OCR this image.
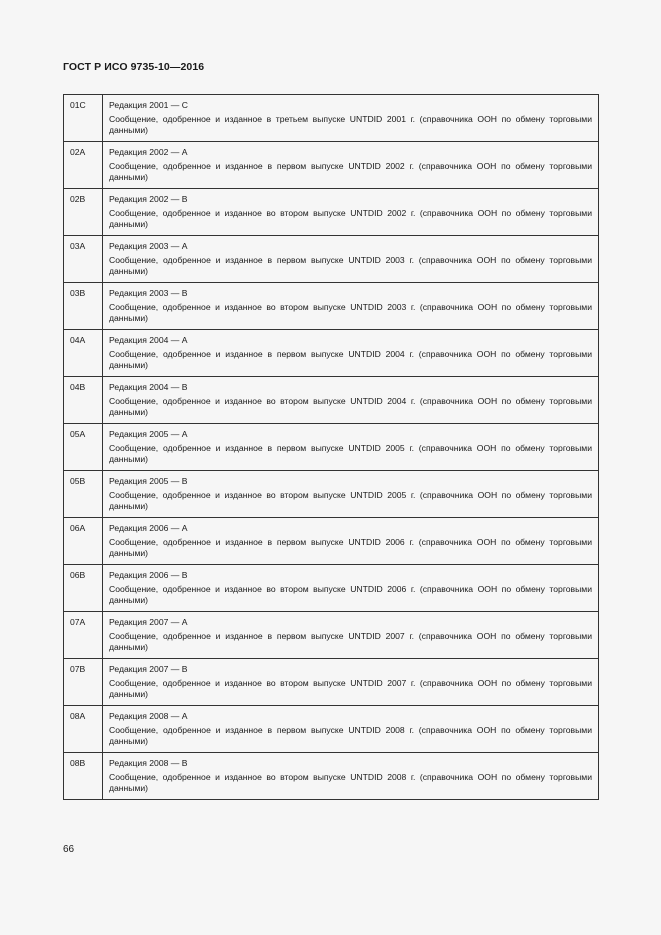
ГОСТ Р ИСО 9735-10—2016
01C	Редакция 2001 — С
Сообщение, одобренное и изданное в третьем выпуске UNTDID 2001 г. (справочника ООН по обмену торговыми данными)

02A	Редакция 2002 — А
Сообщение, одобренное и изданное в первом выпуске UNTDID 2002 г. (справочника ООН по обмену торговыми данными)

02B	Редакция 2002 — В
Сообщение, одобренное и изданное во втором выпуске UNTDID 2002 г. (справочника ООН по обмену торговыми данными)

03A	Редакция 2003 — А
Сообщение, одобренное и изданное в первом выпуске UNTDID 2003 г. (справочника ООН по обмену торговыми данными)

03B	Редакция 2003 — В
Сообщение, одобренное и изданное во втором выпуске UNTDID 2003 г. (справочника ООН по обмену торговыми данными)

04A	Редакция 2004 — А
Сообщение, одобренное и изданное в первом выпуске UNTDID 2004 г. (справочника ООН по обмену торговыми данными)

04B	Редакция 2004 — В
Сообщение, одобренное и изданное во втором выпуске UNTDID 2004 г. (справочника ООН по обмену торговыми данными)

05A	Редакция 2005 — А
Сообщение, одобренное и изданное в первом выпуске UNTDID 2005 г. (справочника ООН по обмену торговыми данными)

05B	Редакция 2005 — В
Сообщение, одобренное и изданное во втором выпуске UNTDID 2005 г. (справочника ООН по обмену торговыми данными)

06A	Редакция 2006 — А
Сообщение, одобренное и изданное в первом выпуске UNTDID 2006 г. (справочника ООН по обмену торговыми данными)

06B	Редакция 2006 — В
Сообщение, одобренное и изданное во втором выпуске UNTDID 2006 г. (справочника ООН по обмену торговыми данными)

07A	Редакция 2007 — А
Сообщение, одобренное и изданное в первом выпуске UNTDID 2007 г. (справочника ООН по обмену торговыми данными)

07B	Редакция 2007 — В
Сообщение, одобренное и изданное во втором выпуске UNTDID 2007 г. (справочника ООН по обмену торговыми данными)

08A	Редакция 2008 — А
Сообщение, одобренное и изданное в первом выпуске UNTDID 2008 г. (справочника ООН по обмену торговыми данными)

08B	Редакция 2008 — В
Сообщение, одобренное и изданное во втором выпуске UNTDID 2008 г. (справочника ООН по обмену торговыми данными)
66
